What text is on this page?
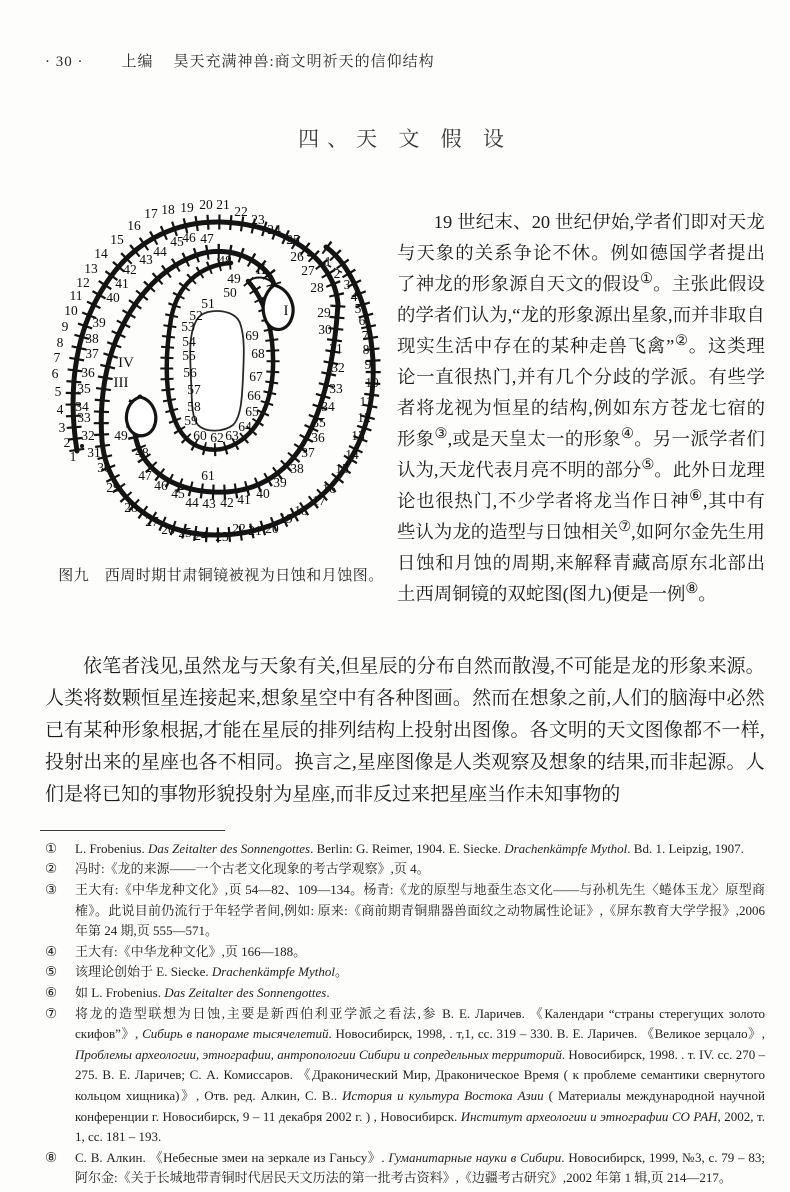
· 30 ·	上编 昊天充满神兽:商文明祈天的信仰结构
四、天 文 假 设
1
2
3
4
5
6
7
8
9
10
11
12
13
14
15
16
17 18 19 20 21 22
23
24
25
26
27
28
1
2
3
4
5
6
7
8
9
10
11
12
13
14
15
16
17
18
19
20
21
22
23
24
25
26
27
28
29
30
31
32
33
34
35
36
37
38
39
40
41
42
43
44
45
46 47
48
49
50
51
52
53
54
55
56
57
58
59
60 62 63
61
64
65
66
67
68
69
40
41
42
43
44
45
46
47
48
49
29
30
31
32
33
34
35
36
37
38
39
II
I
IV
III
图九　西周时期甘肃铜镜被视为日蚀和月蚀图。

19 世纪末、20 世纪伊始,学者们即对天龙与天象的关系争论不休。例如德国学者提出了神龙的形象源自天文的假设①。主张此假设的学者们认为,“龙的形象源出星象,而并非取自现实生活中存在的某种走兽飞禽”②。这类理论一直很热门,并有几个分歧的学派。有些学者将龙视为恒星的结构,例如东方苍龙七宿的形象③,或是天皇太一的形象④。另一派学者们认为,天龙代表月亮不明的部分⑤。此外日龙理论也很热门,不少学者将龙当作日神⑥,其中有些认为龙的造型与日蚀相关⑦,如阿尔金先生用日蚀和月蚀的周期,来解释青藏高原东北部出土西周铜镜的双蛇图(图九)便是一例⑧。

依笔者浅见,虽然龙与天象有关,但星辰的分布自然而散漫,不可能是龙的形象来源。人类将数颗恒星连接起来,想象星空中有各种图画。然而在想象之前,人们的脑海中必然已有某种形象根据,才能在星辰的排列结构上投射出图像。各文明的天文图像都不一样,投射出来的星座也各不相同。换言之,星座图像是人类观察及想象的结果,而非起源。人们是将已知的事物形貌投射为星座,而非反过来把星座当作未知事物的

①	L. Frobenius. Das Zeitalter des Sonnengottes. Berlin: G. Reimer, 1904. E. Siecke. Drachenkämpfe Mythol. Bd. 1. Leipzig, 1907.
②	冯时:《龙的来源——一个古老文化现象的考古学观察》,页 4。
③	王大有:《中华龙种文化》,页 54—82、109—134。杨青:《龙的原型与地蚕生态文化——与孙机先生〈蜷体玉龙〉原型商榷》。此说目前仍流行于年轻学者间,例如: 原来:《商前期青铜鼎器兽面纹之动物属性论证》,《屏东教育大学学报》,2006 年第 24 期,页 555—571。
④	王大有:《中华龙种文化》,页 166—188。
⑤	该理论创始于 E. Siecke. Drachenkämpfe Mythol。
⑥	如 L. Frobenius. Das Zeitalter des Sonnengottes.
⑦	将龙的造型联想为日蚀,主要是新西伯利亚学派之看法,参 В. Е. Ларичев. 《Календари “страны стерегущих золото скифов”》, Сибирь в панораме тысячелетий. Новосибирск, 1998, . т,1, сс. 319 – 330. В. Е. Ларичев. 《Великое зерцало》, Проблемы археологии, этнографии, антропологии Сибири и сопредельных территорий. Новосибирск, 1998. . т. IV. сс. 270 – 275. В. Е. Ларичев; С. А. Комиссаров. 《Драконический Мир, Драконическое Время ( к проблеме семантики свернутого кольцом хищника)》, Отв. ред. Алкин, С. В.. История и культура Востока Азии ( Материалы международной научной конференции г. Новосибирск, 9 – 11 декабря 2002 г. ) , Новосибирск. Институт археологии и этнографии СО РАН, 2002, т. 1, сс. 181 – 193.
⑧	С. В. Алкин. 《Небесные змеи на зеркале из Ганьсу》. Гуманитарные науки в Сибири. Новосибирск, 1999, №3, с. 79 – 83;阿尔金:《关于长城地带青铜时代居民天文历法的第一批考古资料》,《边疆考古研究》,2002 年第 1 辑,页 214—217。
